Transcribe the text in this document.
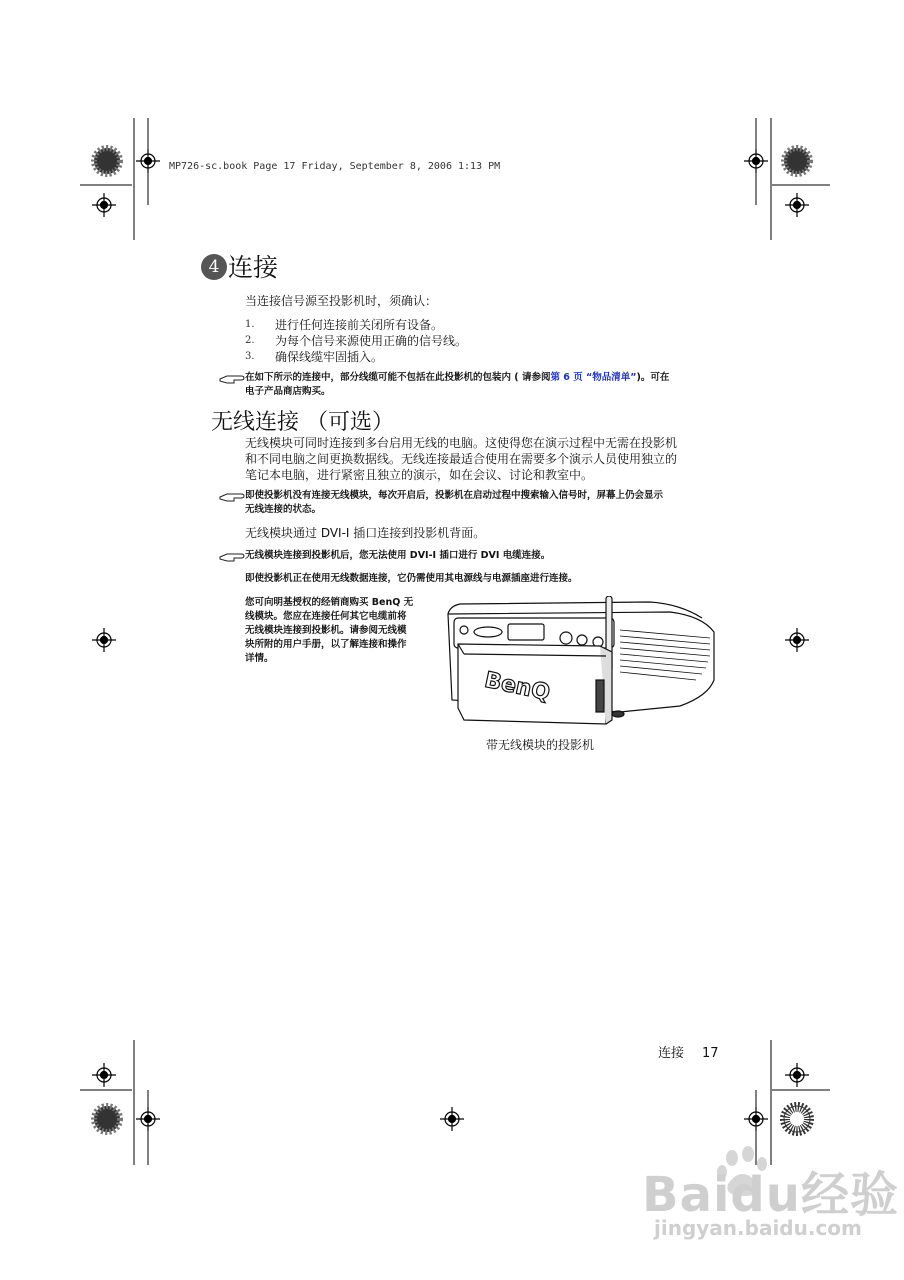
MP726-sc.book Page 17 Friday, September 8, 2006 1:13 PM
4 连接
当连接信号源至投影机时，须确认：
1. 进行任何连接前关闭所有设备。
2. 为每个信号来源使用正确的信号线。
3. 确保线缆牢固插入。
在如下所示的连接中，部分线缆可能不包括在此投影机的包装内 ( 请参阅第 6 页 “物品清单”)。可在
电子产品商店购买。
无线连接 （可选）
无线模块可同时连接到多台启用无线的电脑。这使得您在演示过程中无需在投影机
和不同电脑之间更换数据线。无线连接最适合使用在需要多个演示人员使用独立的
笔记本电脑，进行紧密且独立的演示，如在会议、讨论和教室中。
即使投影机没有连接无线模块，每次开启后，投影机在启动过程中搜索输入信号时，屏幕上仍会显示
无线连接的状态。
无线模块通过 DVI-I 插口连接到投影机背面。
无线模块连接到投影机后，您无法使用 DVI-I 插口进行 DVI 电缆连接。
即使投影机正在使用无线数据连接，它仍需使用其电源线与电源插座进行连接。
您可向明基授权的经销商购买 BenQ 无
线模块。您应在连接任何其它电缆前将
无线模块连接到投影机。请参阅无线模
块所附的用户手册，以了解连接和操作
详情。
BenQ
带无线模块的投影机
连接 17
Baidu经验
jingyan.baidu.com
